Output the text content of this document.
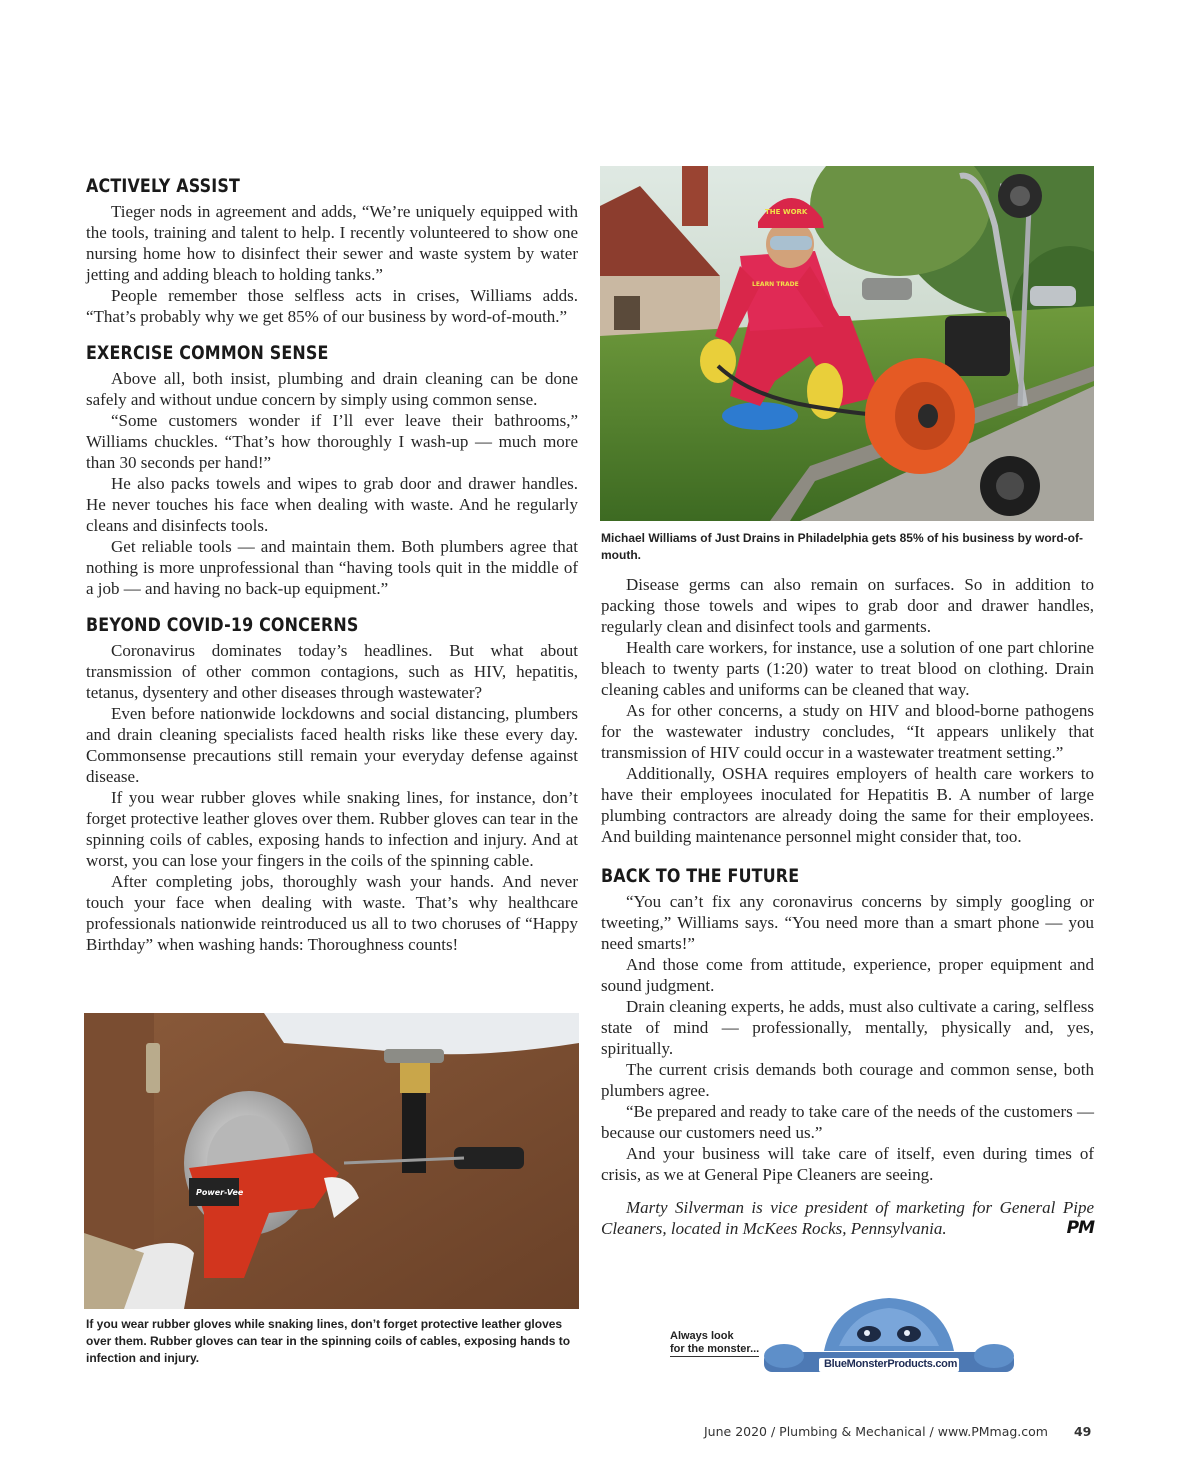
ACTIVELY ASSIST

Tieger nods in agreement and adds, “We’re uniquely equipped with the tools, training and talent to help. I recently volunteered to show one nursing home how to disinfect their sewer and waste system by water jetting and adding bleach to holding tanks.”

People remember those selfless acts in crises, Williams adds. “That’s probably why we get 85% of our business by word-of-mouth.”

EXERCISE COMMON SENSE

Above all, both insist, plumbing and drain cleaning can be done safely and without undue concern by simply using common sense.

“Some customers wonder if I’ll ever leave their bathrooms,” Williams chuckles. “That’s how thoroughly I wash-up — much more than 30 seconds per hand!”

He also packs towels and wipes to grab door and drawer handles. He never touches his face when dealing with waste. And he regularly cleans and disinfects tools.

Get reliable tools — and maintain them. Both plumbers agree that nothing is more unprofessional than “having tools quit in the middle of a job — and having no back-up equipment.”

BEYOND COVID-19 CONCERNS

Coronavirus dominates today’s headlines. But what about transmission of other common contagions, such as HIV, hepatitis, tetanus, dysentery and other diseases through wastewater?

Even before nationwide lockdowns and social distancing, plumbers and drain cleaning specialists faced health risks like these every day. Commonsense precautions still remain your everyday defense against disease.

If you wear rubber gloves while snaking lines, for instance, don’t forget protective leather gloves over them. Rubber gloves can tear in the spinning coils of cables, exposing hands to infection and injury. And at worst, you can lose your fingers in the coils of the spinning cable.

After completing jobs, thoroughly wash your hands. And never touch your face when dealing with waste. That’s why healthcare professionals nationwide reintroduced us all to two choruses of “Happy Birthday” when washing hands: Thoroughness counts!

THE WORK
LEARN TRADE
Michael Williams of Just Drains in Philadelphia gets 85% of his business by word-of-mouth.

Disease germs can also remain on surfaces. So in addition to packing those towels and wipes to grab door and drawer handles, regularly clean and disinfect tools and garments.

Health care workers, for instance, use a solution of one part chlorine bleach to twenty parts (1:20) water to treat blood on clothing. Drain cleaning cables and uniforms can be cleaned that way.

As for other concerns, a study on HIV and blood-borne pathogens for the wastewater industry concludes, “It appears unlikely that transmission of HIV could occur in a wastewater treatment setting.”

Additionally, OSHA requires employers of health care workers to have their employees inoculated for Hepatitis B. A number of large plumbing contractors are already doing the same for their employees. And building maintenance personnel might consider that, too.

BACK TO THE FUTURE

“You can’t fix any coronavirus concerns by simply googling or tweeting,” Williams says. “You need more than a smart phone — you need smarts!”

And those come from attitude, experience, proper equipment and sound judgment.

Drain cleaning experts, he adds, must also cultivate a caring, selfless state of mind — professionally, mentally, physically and, yes, spiritually.

The current crisis demands both courage and common sense, both plumbers agree.

“Be prepared and ready to take care of the needs of the customers — because our customers need us.”

And your business will take care of itself, even during times of crisis, as we at General Pipe Cleaners are seeing.

Marty Silverman is vice president of marketing for General Pipe Cleaners, located in McKees Rocks, Pennsylvania.	PM

Power-Vee
If you wear rubber gloves while snaking lines, don’t forget protective leather gloves over them. Rubber gloves can tear in the spinning coils of cables, exposing hands to infection and injury.
Always look
for the monster...
BlueMonsterProducts.com
June 2020 / Plumbing & Mechanical / www.PMmag.com 49
